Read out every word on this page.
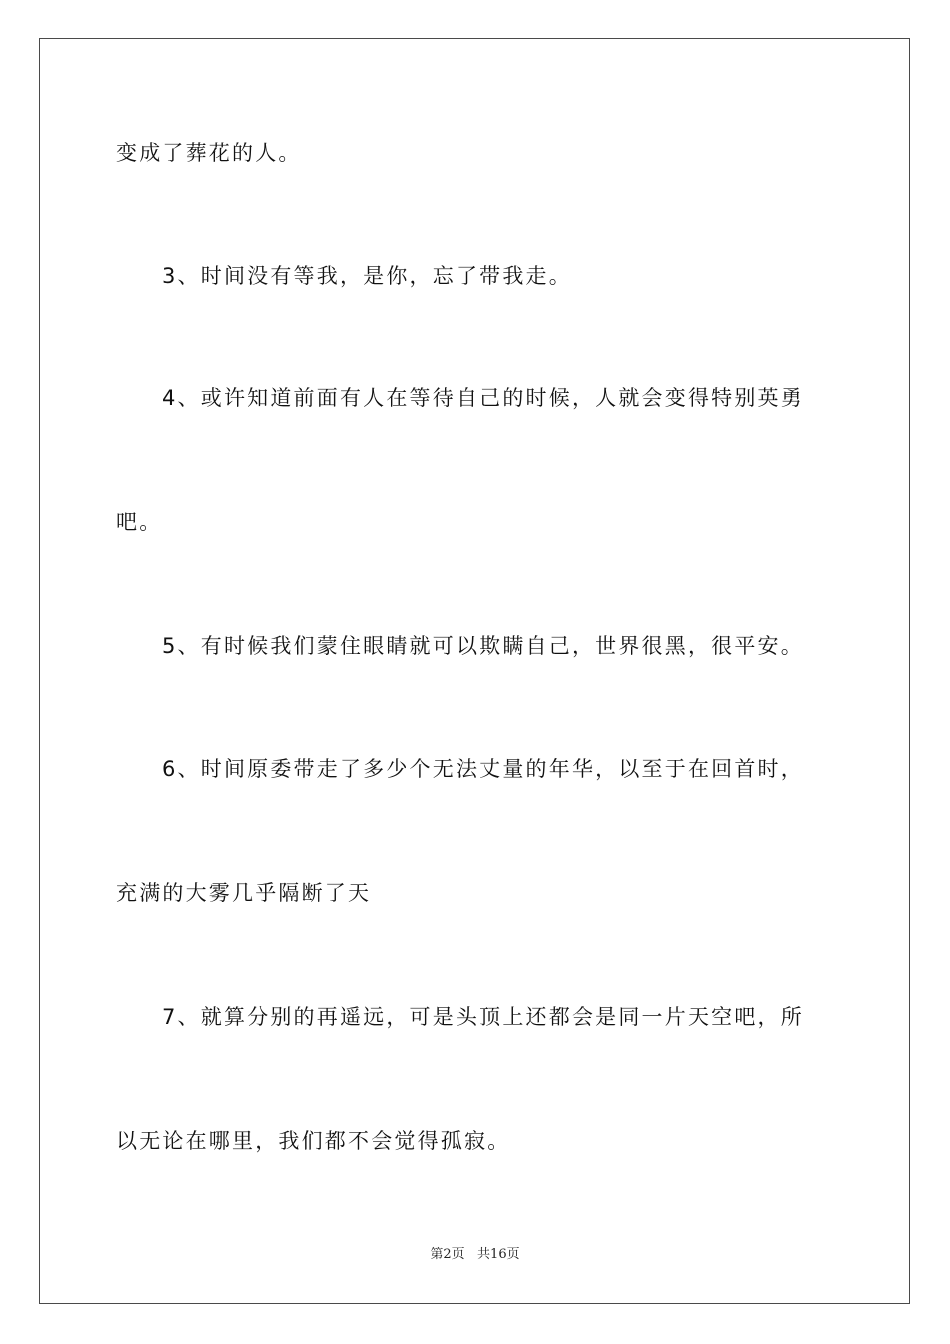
变成了葬花的人。
3、时间没有等我，是你，忘了带我走。
4、或许知道前面有人在等待自己的时候，人就会变得特别英勇
吧。
5、有时候我们蒙住眼睛就可以欺瞒自己，世界很黑，很平安。
6、时间原委带走了多少个无法丈量的年华，以至于在回首时，
充满的大雾几乎隔断了天
7、就算分别的再遥远，可是头顶上还都会是同一片天空吧，所
以无论在哪里，我们都不会觉得孤寂。
第2页   共16页
